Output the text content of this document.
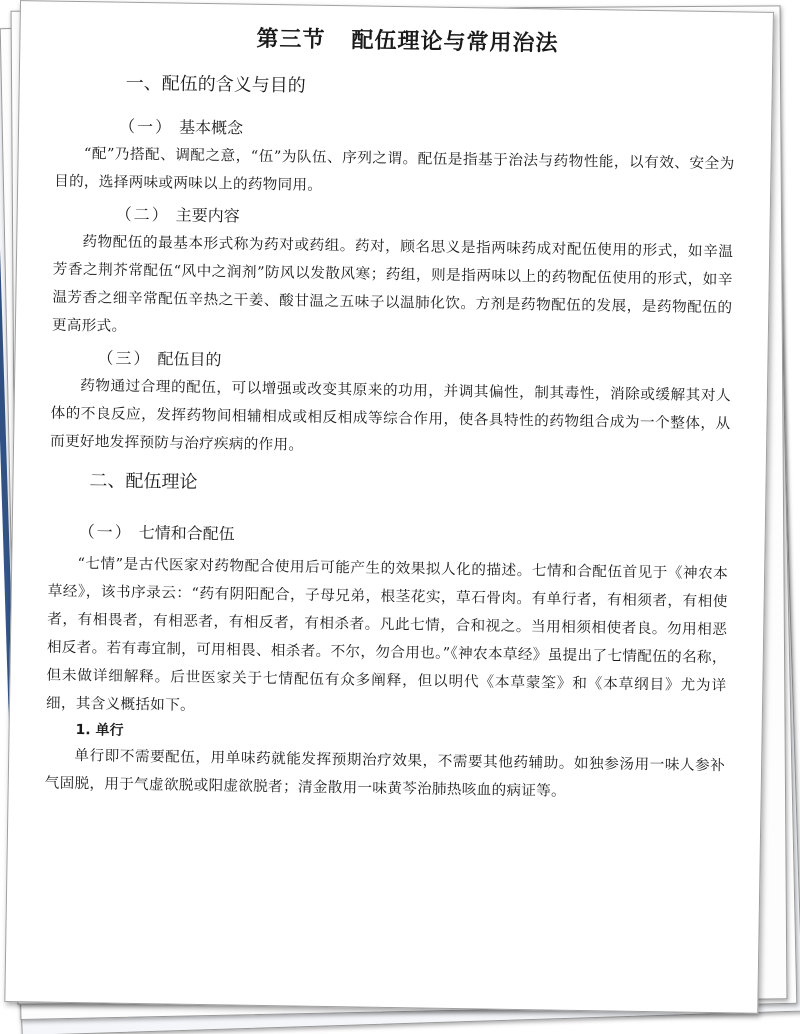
第三节 配伍理论与常用治法
一、配伍的含义与目的
（一） 基本概念

“配”乃搭配、调配之意，“伍”为队伍、序列之谓。配伍是指基于治法与药物性能，以有效、安全为目的，选择两味或两味以上的药物同用。

（二） 主要内容

药物配伍的最基本形式称为药对或药组。药对，顾名思义是指两味药成对配伍使用的形式，如辛温芳香之荆芥常配伍“风中之润剂”防风以发散风寒；药组，则是指两味以上的药物配伍使用的形式，如辛温芳香之细辛常配伍辛热之干姜、酸甘温之五味子以温肺化饮。方剂是药物配伍的发展，是药物配伍的更高形式。

（三） 配伍目的

药物通过合理的配伍，可以增强或改变其原来的功用，并调其偏性，制其毒性，消除或缓解其对人体的不良反应，发挥药物间相辅相成或相反相成等综合作用，使各具特性的药物组合成为一个整体，从而更好地发挥预防与治疗疾病的作用。

二、配伍理论
（一） 七情和合配伍

“七情”是古代医家对药物配合使用后可能产生的效果拟人化的描述。七情和合配伍首见于《神农本草经》，该书序录云：“药有阴阳配合，子母兄弟，根茎花实，草石骨肉。有单行者，有相须者，有相使者，有相畏者，有相恶者，有相反者，有相杀者。凡此七情，合和视之。当用相须相使者良。勿用相恶相反者。若有毒宜制，可用相畏、相杀者。不尔，勿合用也。”《神农本草经》虽提出了七情配伍的名称，但未做详细解释。后世医家关于七情配伍有众多阐释，但以明代《本草蒙筌》和《本草纲目》尤为详细，其含义概括如下。

1. 单行

单行即不需要配伍，用单味药就能发挥预期治疗效果，不需要其他药辅助。如独参汤用一味人参补气固脱，用于气虚欲脱或阳虚欲脱者；清金散用一味黄芩治肺热咳血的病证等。
